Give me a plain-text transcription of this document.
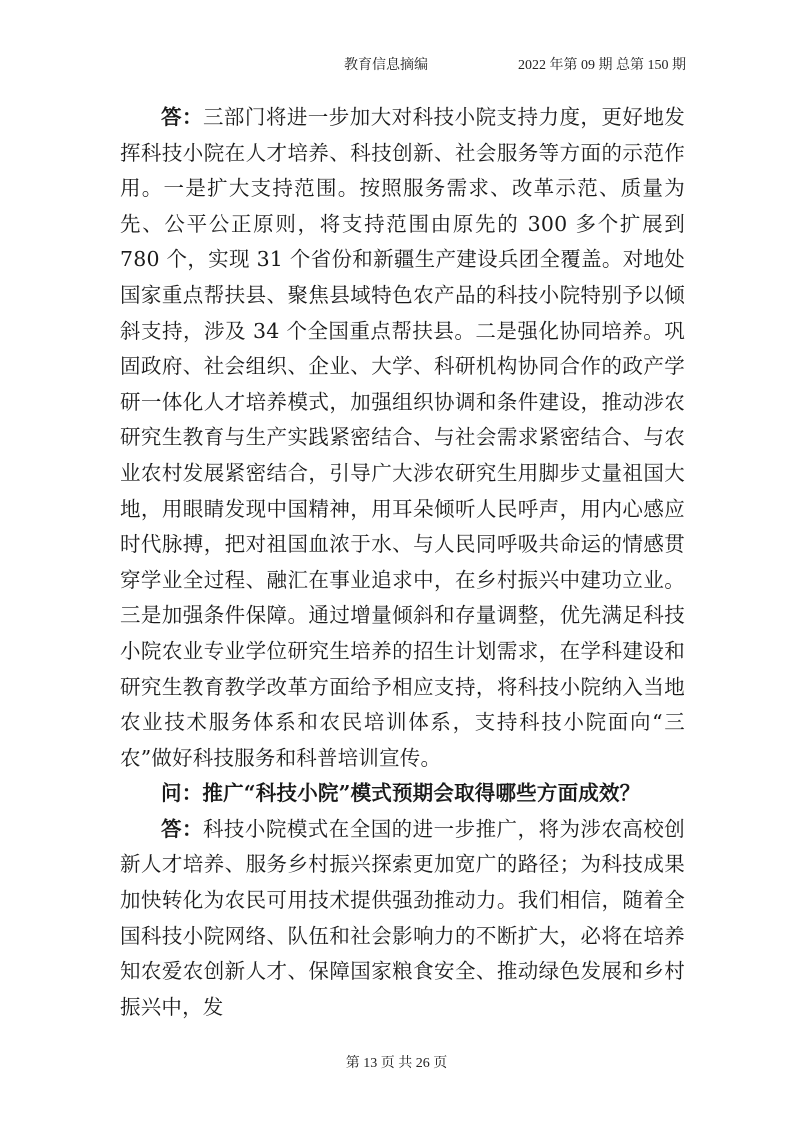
教育信息摘编	2022 年第 09 期 总第 150 期

答：三部门将进一步加大对科技小院支持力度，更好地发挥科技小院在人才培养、科技创新、社会服务等方面的示范作用。一是扩大支持范围。按照服务需求、改革示范、质量为先、公平公正原则，将支持范围由原先的 300 多个扩展到 780 个，实现 31 个省份和新疆生产建设兵团全覆盖。对地处国家重点帮扶县、聚焦县域特色农产品的科技小院特别予以倾斜支持，涉及 34 个全国重点帮扶县。二是强化协同培养。巩固政府、社会组织、企业、大学、科研机构协同合作的政产学研一体化人才培养模式，加强组织协调和条件建设，推动涉农研究生教育与生产实践紧密结合、与社会需求紧密结合、与农业农村发展紧密结合，引导广大涉农研究生用脚步丈量祖国大地，用眼睛发现中国精神，用耳朵倾听人民呼声，用内心感应时代脉搏，把对祖国血浓于水、与人民同呼吸共命运的情感贯穿学业全过程、融汇在事业追求中，在乡村振兴中建功立业。三是加强条件保障。通过增量倾斜和存量调整，优先满足科技小院农业专业学位研究生培养的招生计划需求，在学科建设和研究生教育教学改革方面给予相应支持，将科技小院纳入当地农业技术服务体系和农民培训体系，支持科技小院面向“三农”做好科技服务和科普培训宣传。

问：推广“科技小院”模式预期会取得哪些方面成效？

答：科技小院模式在全国的进一步推广，将为涉农高校创新人才培养、服务乡村振兴探索更加宽广的路径；为科技成果加快转化为农民可用技术提供强劲推动力。我们相信，随着全国科技小院网络、队伍和社会影响力的不断扩大，必将在培养知农爱农创新人才、保障国家粮食安全、推动绿色发展和乡村振兴中，发

第 13 页 共 26 页
